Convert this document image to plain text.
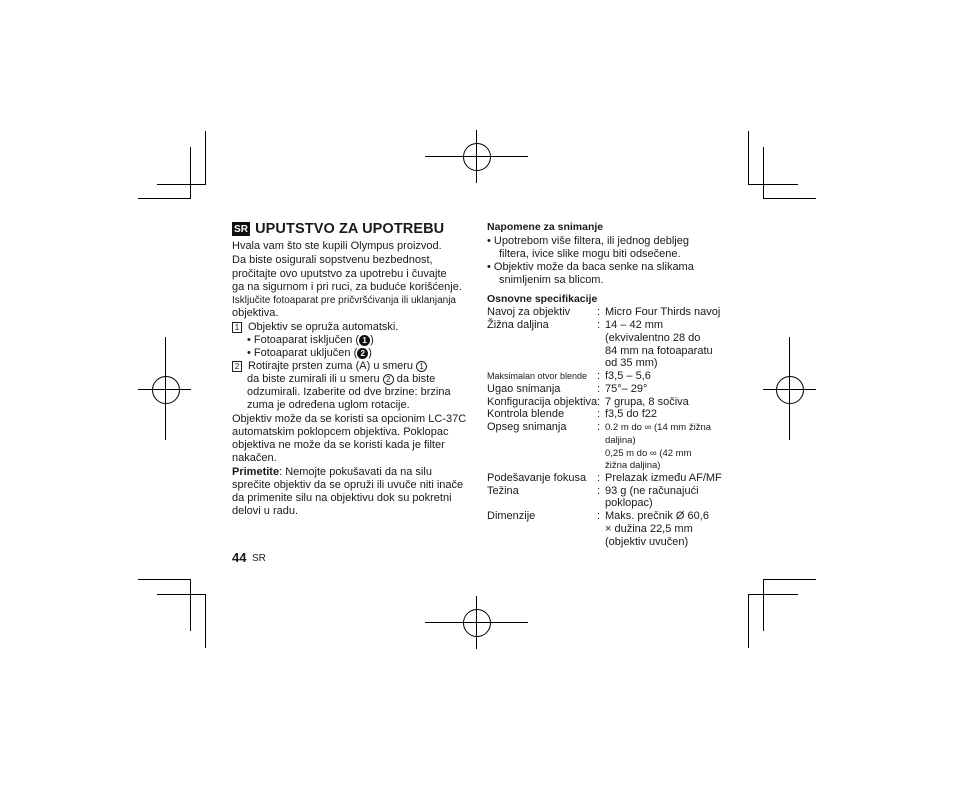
SR UPUTSTVO ZA UPOTREBU
Hvala vam što ste kupili Olympus proizvod.
Da biste osigurali sopstvenu bezbednost,
pročitajte ovo uputstvo za upotrebu i čuvajte
ga na sigurnom i pri ruci, za buduće korišćenje.
Isključite fotoaparat pre pričvršćivanja ili uklanjanja
objektiva.
1 Objektiv se opruža automatski.
• Fotoaparat isključen ( 1 )
• Fotoaparat uključen ( 2 )
2 Rotirajte prsten zuma (A) u smeru 1
da biste zumirali ili u smeru 2 da biste
odzumirali. Izaberite od dve brzine: brzina
zuma je određena uglom rotacije.
Objektiv može da se koristi sa opcionim LC-37C
automatskim poklopcem objektiva. Poklopac
objektiva ne može da se koristi kada je filter
nakačen.
Primetite: Nemojte pokušavati da na silu
sprečite objektiv da se opruži ili uvuče niti inače
da primenite silu na objektivu dok su pokretni
delovi u radu.
44 SR
Napomene za snimanje
• Upotrebom više filtera, ili jednog debljeg
filtera, ivice slike mogu biti odsečene.
• Objektiv može da baca senke na slikama
snimljenim sa blicom.
Osnovne specifikacije
Navoj za objektiv : Micro Four Thirds navoj
Žižna daljina	: 14 – 42 mm
(ekvivalentno 28 do
84 mm na fotoaparatu
od 35 mm)
Maksimalan otvor blende : f3,5 – 5,6
Ugao snimanja	: 75°– 29°
Konfiguracija objektiva : 7 grupa, 8 sočiva
Kontrola blende	: f3,5 do f22
Opseg snimanja	: 0.2 m do ∞ (14 mm žižna
daljina)
0,25 m do ∞ (42 mm
žižna daljina)
Podešavanje fokusa : Prelazak između AF/MF
Težina	: 93 g (ne računajući
poklopac)
Dimenzije	: Maks. prečnik Ø 60,6
× dužina 22,5 mm
(objektiv uvučen)
